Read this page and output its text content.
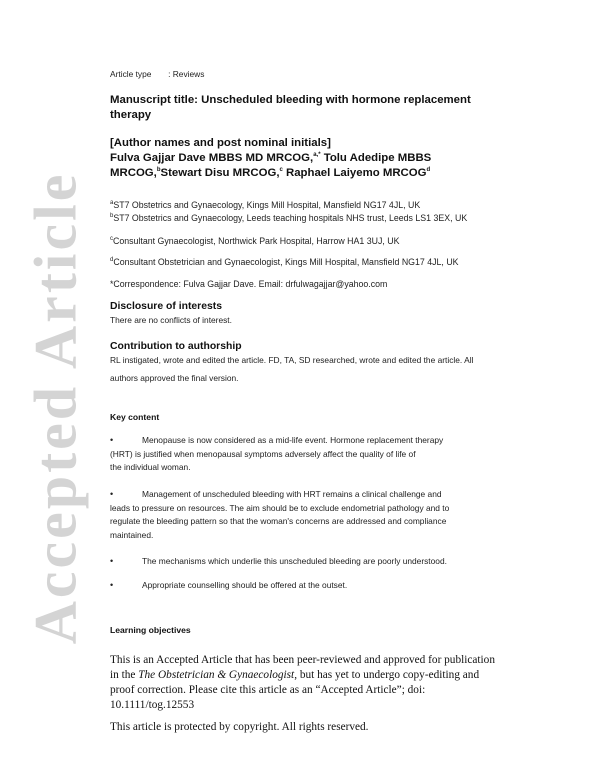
Accepted Article
Article type : Reviews
Manuscript title: Unscheduled bleeding with hormone replacement therapy
[Author names and post nominal initials]
Fulva Gajjar Dave MBBS MD MRCOG,$^{a,*}$ Tolu Adedipe MBBS MRCOG,$^b$Stewart Disu MRCOG,$^c$ Raphael Laiyemo MRCOG$^d$
$^a$ST7 Obstetrics and Gynaecology, Kings Mill Hospital, Mansfield NG17 4JL, UK
$^b$ST7 Obstetrics and Gynaecology, Leeds teaching hospitals NHS trust, Leeds LS1 3EX, UK
$^c$Consultant Gynaecologist, Northwick Park Hospital, Harrow HA1 3UJ, UK
$^d$Consultant Obstetrician and Gynaecologist, Kings Mill Hospital, Mansfield NG17 4JL, UK
*Correspondence: Fulva Gajjar Dave. Email: drfulwagajjar@yahoo.com
Disclosure of interests
There are no conflicts of interest.
Contribution to authorship
RL instigated, wrote and edited the article. FD, TA, SD researched, wrote and edited the article. All
authors approved the final version.
Key content
•	Menopause is now considered as a mid-life event. Hormone replacement therapy
(HRT) is justified when menopausal symptoms adversely affect the quality of life of
the individual woman.
•	Management of unscheduled bleeding with HRT remains a clinical challenge and
leads to pressure on resources. The aim should be to exclude endometrial pathology and to
regulate the bleeding pattern so that the woman's concerns are addressed and compliance
maintained.
•	The mechanisms which underlie this unscheduled bleeding are poorly understood.
•	Appropriate counselling should be offered at the outset.
Learning objectives
This is an Accepted Article that has been peer-reviewed and approved for publication
in the The Obstetrician & Gynaecologist, but has yet to undergo copy-editing and
proof correction. Please cite this article as an “Accepted Article”; doi:
10.1111/tog.12553
This article is protected by copyright. All rights reserved.
